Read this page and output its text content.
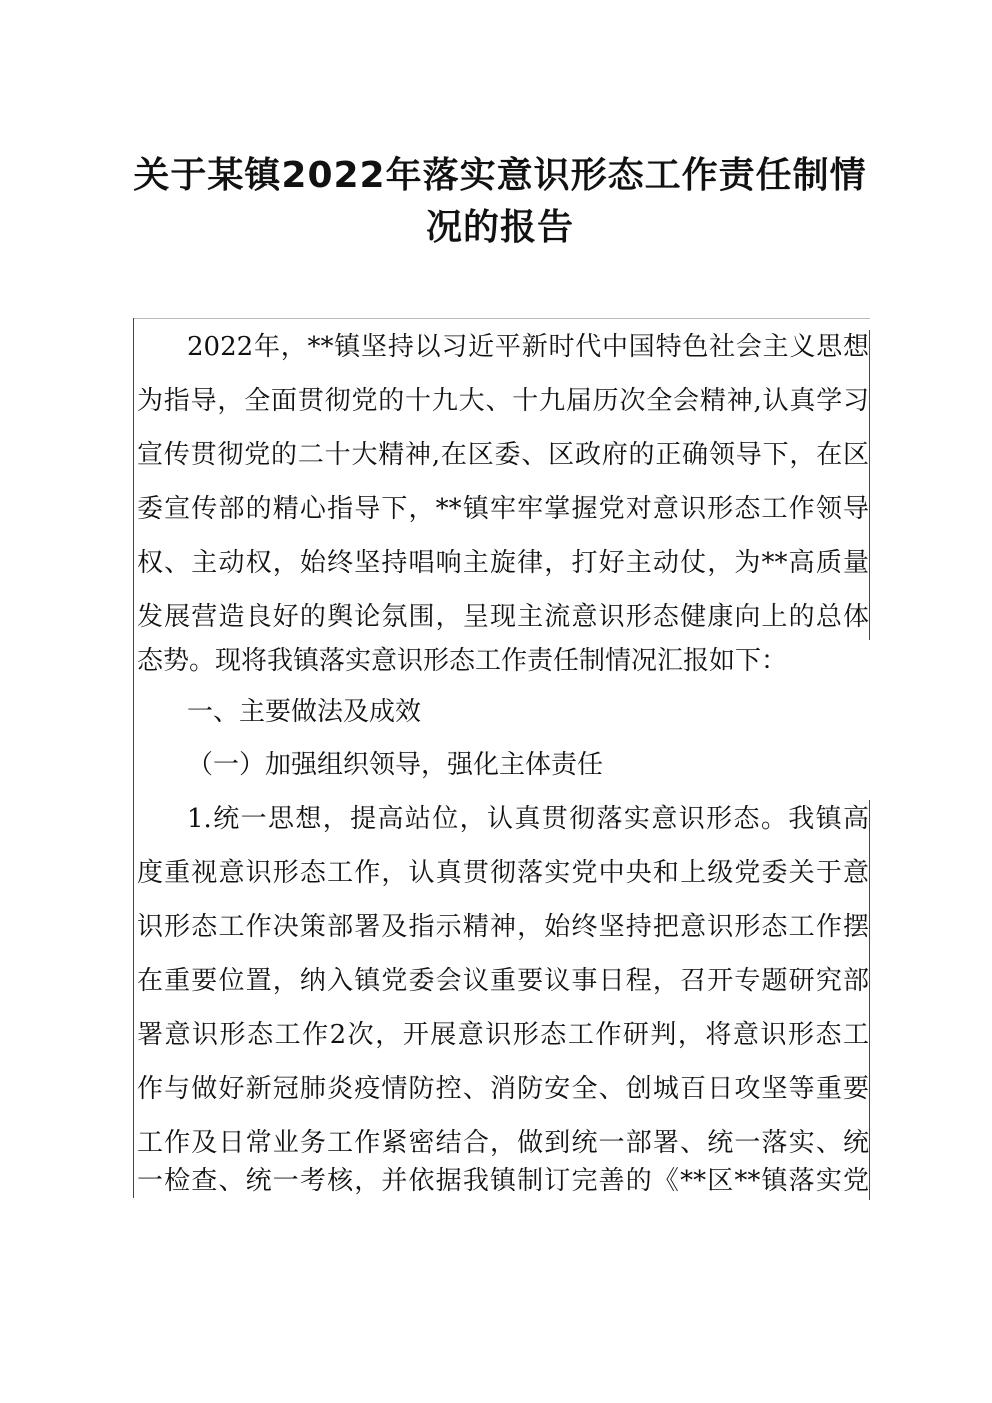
关于某镇2022年落实意识形态工作责任制情
况的报告
2022年，**镇坚持以习近平新时代中国特色社会主义思想
为指导，全面贯彻党的十九大、十九届历次全会精神,认真学习
宣传贯彻党的二十大精神,在区委、区政府的正确领导下，在区
委宣传部的精心指导下，**镇牢牢掌握党对意识形态工作领导
权、主动权，始终坚持唱响主旋律，打好主动仗，为**高质量
发展营造良好的舆论氛围，呈现主流意识形态健康向上的总体
态势。现将我镇落实意识形态工作责任制情况汇报如下：
一、主要做法及成效
（一）加强组织领导，强化主体责任
1.统一思想，提高站位，认真贯彻落实意识形态。我镇高
度重视意识形态工作，认真贯彻落实党中央和上级党委关于意
识形态工作决策部署及指示精神，始终坚持把意识形态工作摆
在重要位置，纳入镇党委会议重要议事日程，召开专题研究部
署意识形态工作2次，开展意识形态工作研判，将意识形态工
作与做好新冠肺炎疫情防控、消防安全、创城百日攻坚等重要
工作及日常业务工作紧密结合，做到统一部署、统一落实、统
一检查、统一考核，并依据我镇制订完善的《**区**镇落实党
